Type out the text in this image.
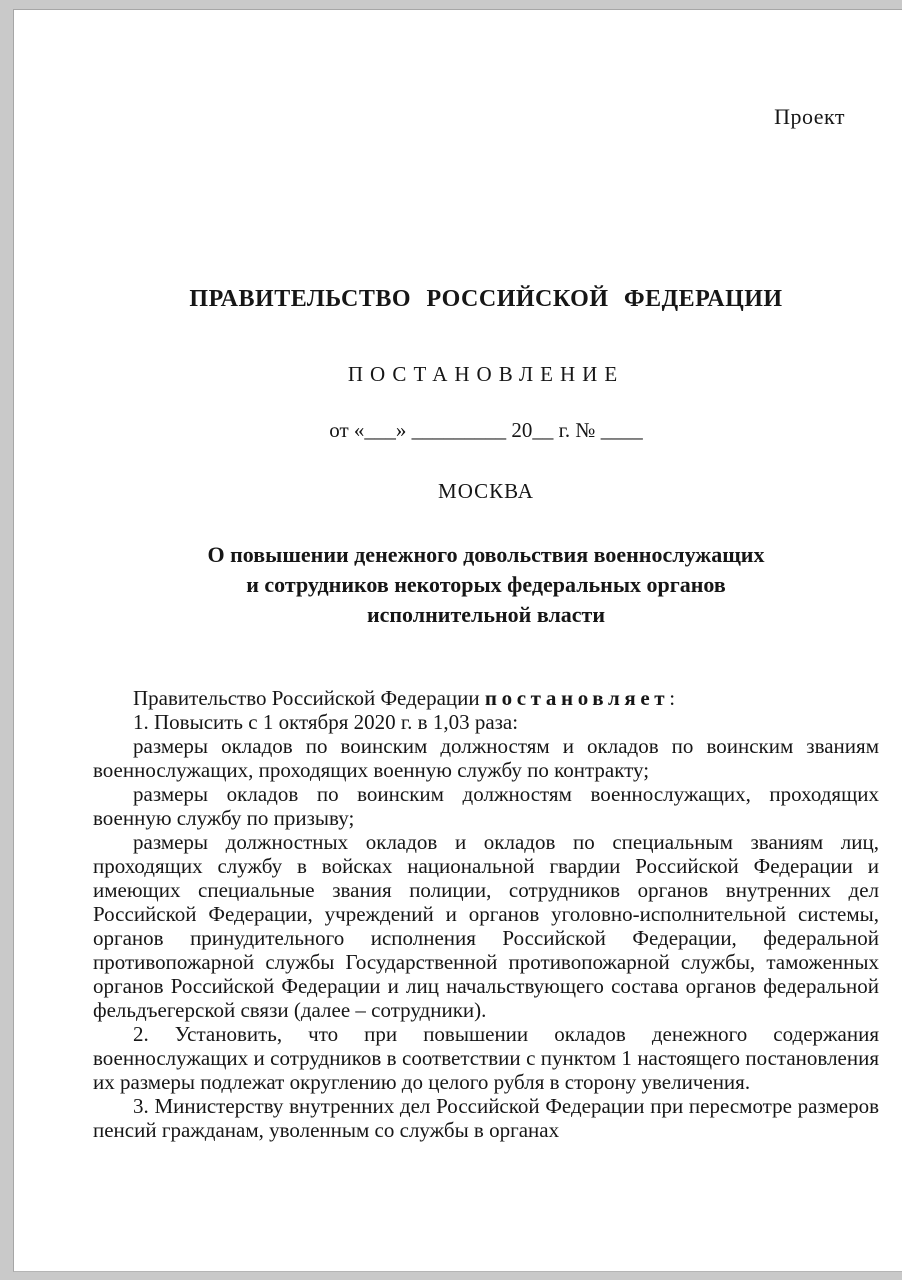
Проект
ПРАВИТЕЛЬСТВО РОССИЙСКОЙ ФЕДЕРАЦИИ
ПОСТАНОВЛЕНИЕ
от «___» _________ 20__ г. № ____
МОСКВА
О повышении денежного довольствия военнослужащих
и сотрудников некоторых федеральных органов
исполнительной власти

Правительство Российской Федерации постановляет:

1. Повысить с 1 октября 2020 г. в 1,03 раза:

размеры окладов по воинским должностям и окладов по воинским званиям военнослужащих, проходящих военную службу по контракту;

размеры окладов по воинским должностям военнослужащих, проходящих военную службу по призыву;

размеры должностных окладов и окладов по специальным званиям лиц, проходящих службу в войсках национальной гвардии Российской Федерации и имеющих специальные звания полиции, сотрудников органов внутренних дел Российской Федерации, учреждений и органов уголовно-исполнительной системы, органов принудительного исполнения Российской Федерации, федеральной противопожарной службы Государственной противопожарной службы, таможенных органов Российской Федерации и лиц начальствующего состава органов федеральной фельдъегерской связи (далее – сотрудники).

2. Установить, что при повышении окладов денежного содержания военнослужащих и сотрудников в соответствии с пунктом 1 настоящего постановления их размеры подлежат округлению до целого рубля в сторону увеличения.

3. Министерству внутренних дел Российской Федерации при пересмотре размеров пенсий гражданам, уволенным со службы в органах
